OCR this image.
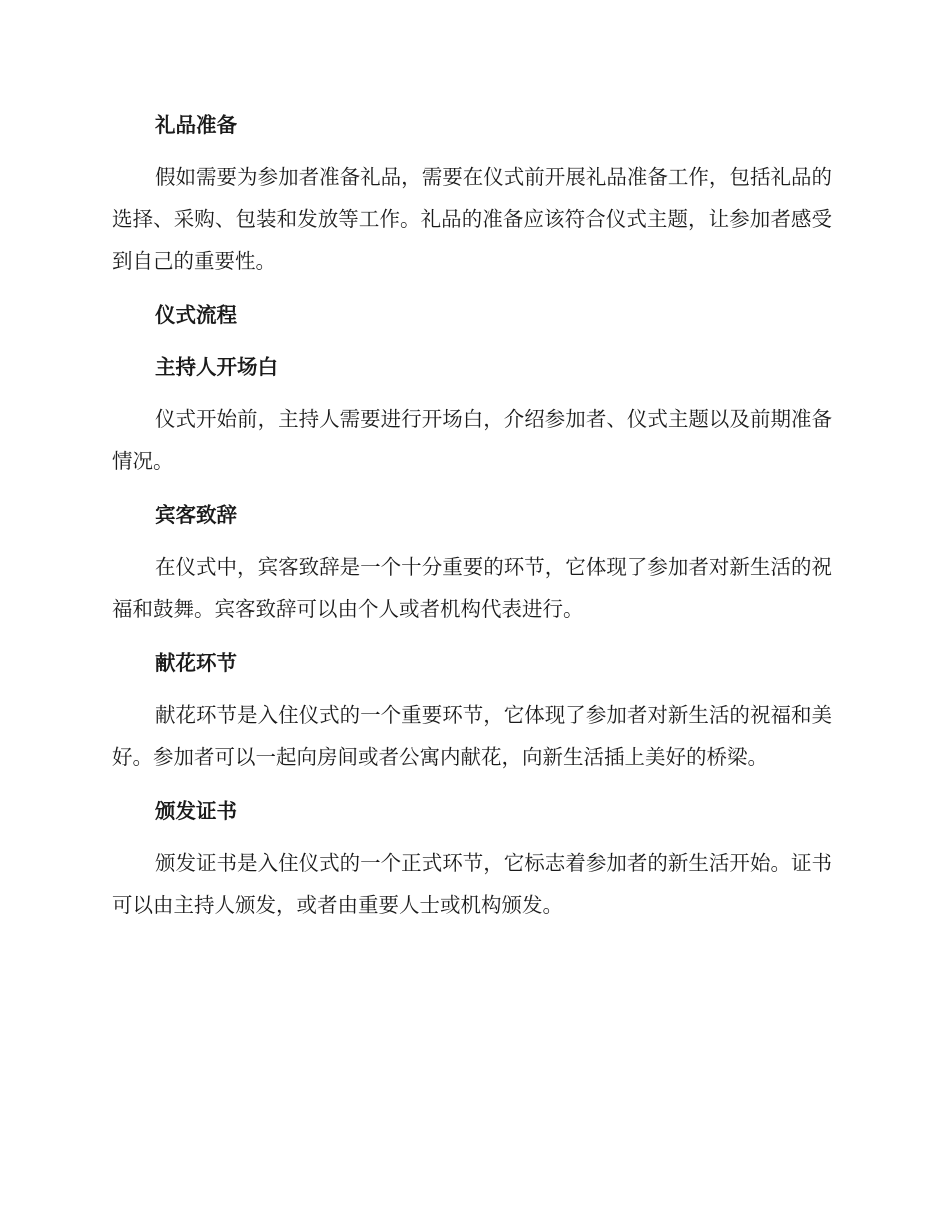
礼品准备

假如需要为参加者准备礼品，需要在仪式前开展礼品准备工作，包括礼品的选择、采购、包装和发放等工作。礼品的准备应该符合仪式主题，让参加者感受到自己的重要性。

仪式流程
主持人开场白

仪式开始前，主持人需要进行开场白，介绍参加者、仪式主题以及前期准备情况。

宾客致辞

在仪式中，宾客致辞是一个十分重要的环节，它体现了参加者对新生活的祝福和鼓舞。宾客致辞可以由个人或者机构代表进行。

献花环节

献花环节是入住仪式的一个重要环节，它体现了参加者对新生活的祝福和美好。参加者可以一起向房间或者公寓内献花，向新生活插上美好的桥梁。

颁发证书

颁发证书是入住仪式的一个正式环节，它标志着参加者的新生活开始。证书可以由主持人颁发，或者由重要人士或机构颁发。
